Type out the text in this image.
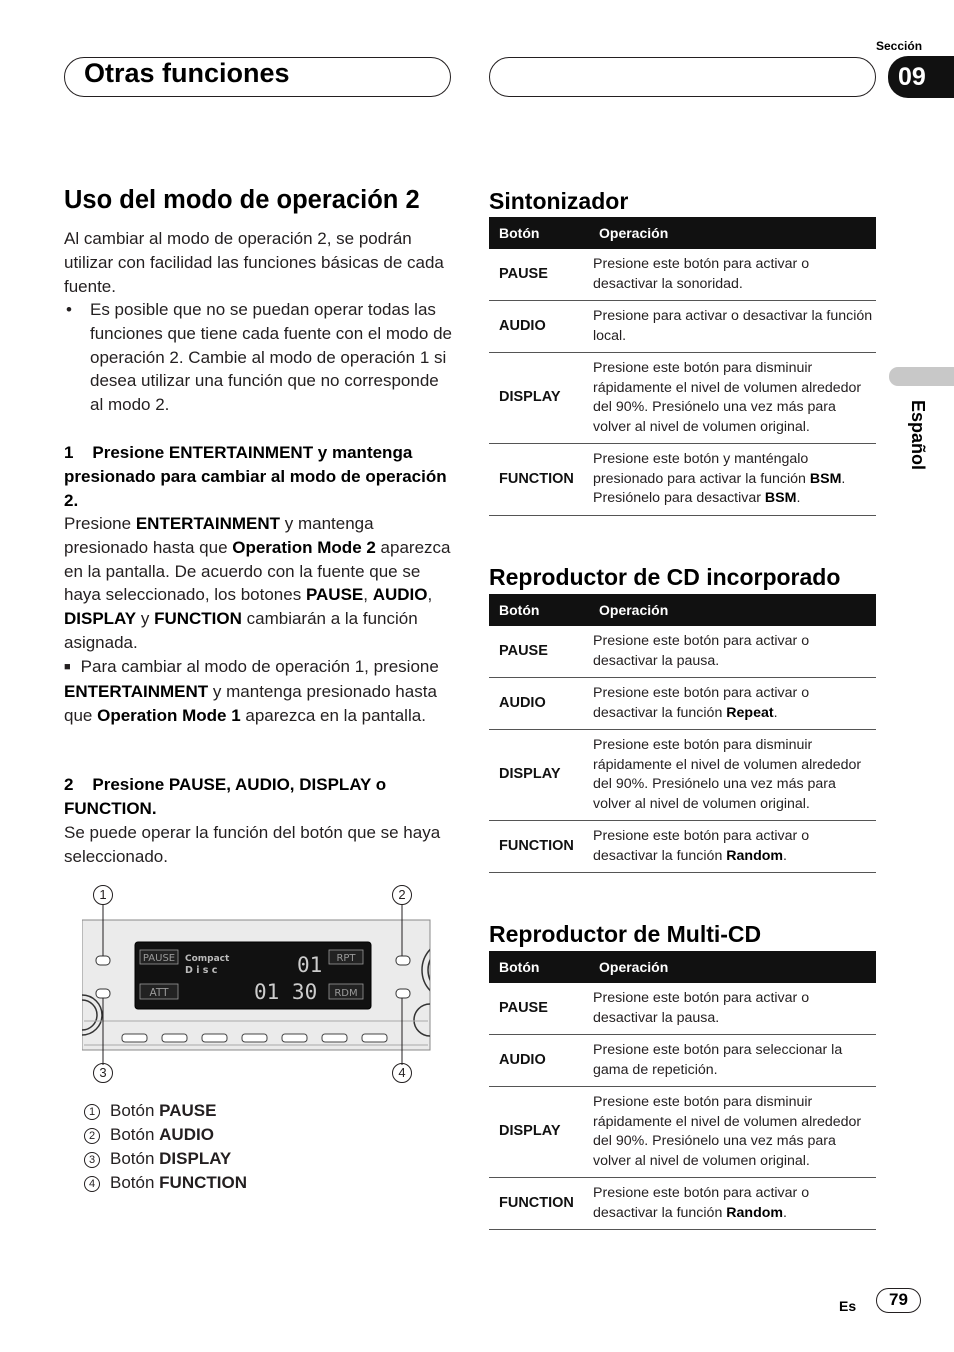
Otras funciones
Sección
09
Español
Uso del modo de operación 2
Al cambiar al modo de operación 2, se podrán utilizar con facilidad las funciones básicas de cada fuente.
• Es posible que no se puedan operar todas las funciones que tiene cada fuente con el modo de operación 2. Cambie al modo de operación 1 si desea utilizar una función que no corresponde al modo 2.
1 Presione ENTERTAINMENT y mantenga presionado para cambiar al modo de operación 2.
Presione ENTERTAINMENT y mantenga presionado hasta que Operation Mode 2 aparezca en la pantalla. De acuerdo con la fuente que se haya seleccionado, los botones PAUSE, AUDIO, DISPLAY y FUNCTION cambiarán a la función asignada.
■ Para cambiar al modo de operación 1, presione ENTERTAINMENT y mantenga presionado hasta que Operation Mode 1 aparezca en la pantalla.
2 Presione PAUSE, AUDIO, DISPLAY o FUNCTION.
Se puede operar la función del botón que se haya seleccionado.
1	2
3	4
PAUSE Compact
D i s c
RPT
ATT	RDM
01
01 30
1 Botón PAUSE
2 Botón AUDIO
3 Botón DISPLAY
4 Botón FUNCTION
Sintonizador
Botón	Operación
PAUSE	Presione este botón para activar o desactivar la sonoridad.
AUDIO	Presione para activar o desactivar la función local.
DISPLAY	Presione este botón para disminuir rápidamente el nivel de volumen alrededor del 90%. Presiónelo una vez más para volver al nivel de volumen original.
FUNCTION	Presione este botón y manténgalo presionado para activar la función BSM. Presiónelo para desactivar BSM.
Reproductor de CD incorporado
Botón	Operación
PAUSE	Presione este botón para activar o desactivar la pausa.
AUDIO	Presione este botón para activar o desactivar la función Repeat.
DISPLAY	Presione este botón para disminuir rápidamente el nivel de volumen alrededor del 90%. Presiónelo una vez más para volver al nivel de volumen original.
FUNCTION	Presione este botón para activar o desactivar la función Random.
Reproductor de Multi-CD
Botón	Operación
PAUSE	Presione este botón para activar o desactivar la pausa.
AUDIO	Presione este botón para seleccionar la gama de repetición.
DISPLAY	Presione este botón para disminuir rápidamente el nivel de volumen alrededor del 90%. Presiónelo una vez más para volver al nivel de volumen original.
FUNCTION	Presione este botón para activar o desactivar la función Random.
Es	79
